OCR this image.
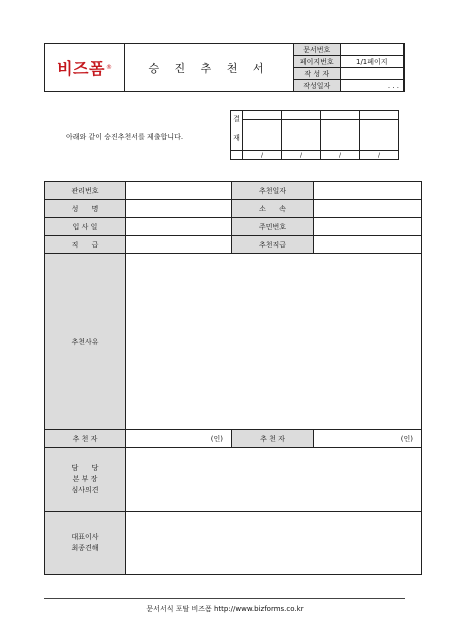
비즈폼 ®	승 진 추 천 서
문서번호	
페이지번호	1/1페이지
작 성 자	
작성일자	. . .
아래와 같이 승진추천서를 제출합니다.
결
재				

	/	/	/	/
관리번호		추천일자	
성      명		소      속	
입 사 일		주민번호	
직      급		추천직급	
추천사유			
추 천 자	(인)	추 천 자	(인)

담      당
본 부 장
심사의견			

대표이사
최종견해			

문서서식 포탈 비즈폼 http://www.bizforms.co.kr
